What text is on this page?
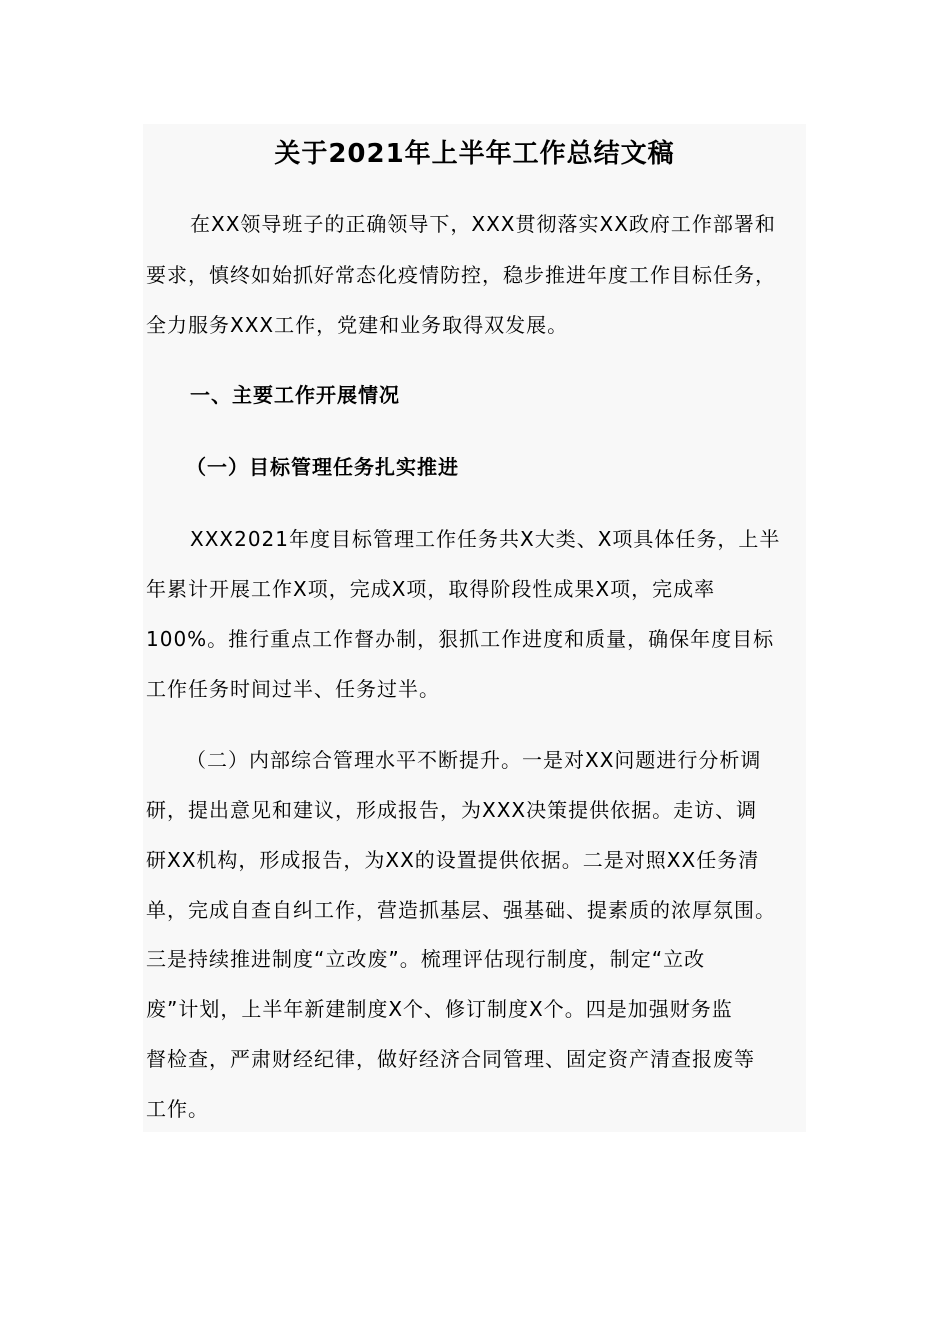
关于2021年上半年工作总结文稿

在XX领导班子的正确领导下，XXX贯彻落实XX政府工作部署和

要求，慎终如始抓好常态化疫情防控，稳步推进年度工作目标任务，

全力服务XXX工作，党建和业务取得双发展。

一、主要工作开展情况

（一）目标管理任务扎实推进

XXX2021年度目标管理工作任务共X大类、X项具体任务，上半

年累计开展工作X项，完成X项，取得阶段性成果X项，完成率

100%。推行重点工作督办制，狠抓工作进度和质量，确保年度目标

工作任务时间过半、任务过半。

（二）内部综合管理水平不断提升。一是对XX问题进行分析调

研，提出意见和建议，形成报告，为XXX决策提供依据。走访、调

研XX机构，形成报告，为XX的设置提供依据。二是对照XX任务清

单，完成自查自纠工作，营造抓基层、强基础、提素质的浓厚氛围。

三是持续推进制度“立改废”。梳理评估现行制度，制定“立改

废”计划，上半年新建制度X个、修订制度X个。四是加强财务监

督检查，严肃财经纪律，做好经济合同管理、固定资产清查报废等

工作。
